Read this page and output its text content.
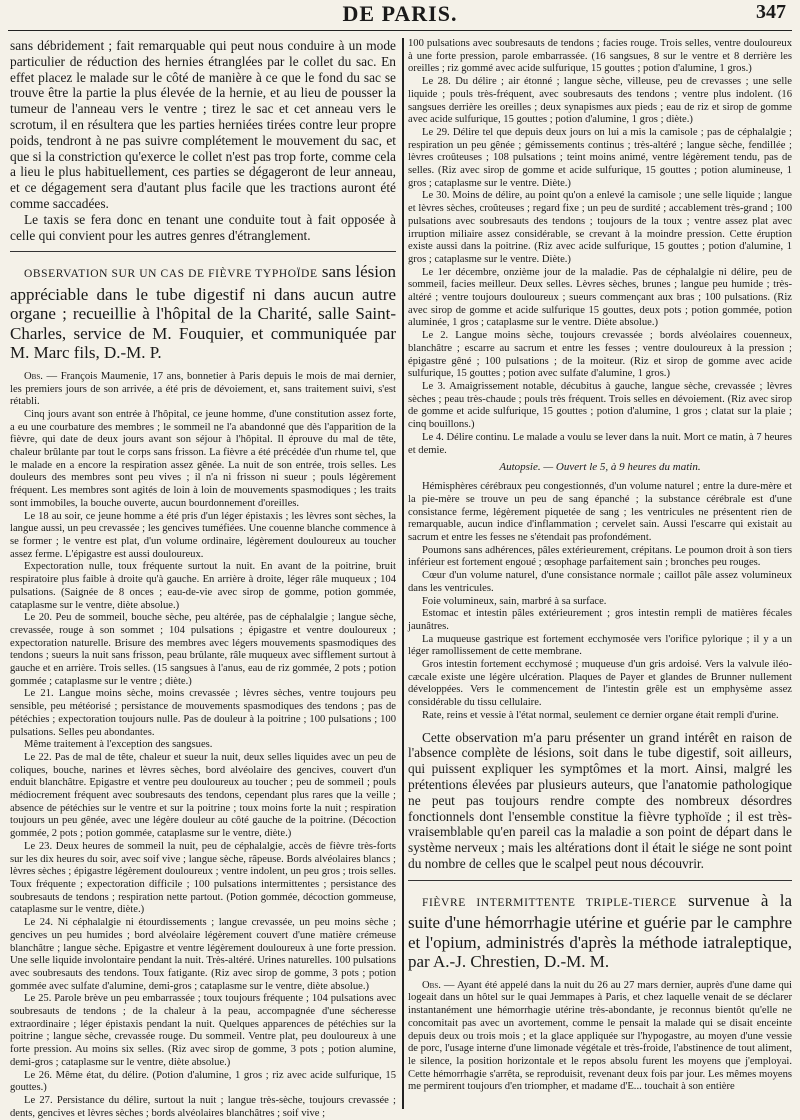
DE PARIS.	347

sans débridement ; fait remarquable qui peut nous conduire à un mode particulier de réduction des hernies étranglées par le collet du sac. En effet placez le malade sur le côté de manière à ce que le fond du sac se trouve être la partie la plus élevée de la hernie, et au lieu de pousser la tumeur de l'anneau vers le ventre ; tirez le sac et cet anneau vers le scrotum, il en résultera que les parties herniées tirées contre leur propre poids, tendront à ne pas suivre complétement le mouvement du sac, et que si la constriction qu'exerce le collet n'est pas trop forte, comme cela a lieu le plus habituellement, ces parties se dégageront de leur anneau, et ce dégagement sera d'autant plus facile que les tractions auront été comme saccadées.

Le taxis se fera donc en tenant une conduite tout à fait opposée à celle qui convient pour les autres genres d'étranglement.

OBSERVATION SUR UN CAS DE FIÈVRE TYPHOÏDE sans lésion appréciable dans le tube digestif ni dans aucun autre organe ; recueillie à l'hôpital de la Charité, salle Saint-Charles, service de M. Fouquier, et communiquée par M. Marc fils, D.-M. P.

Obs. — François Maumenie, 17 ans, bonnetier à Paris depuis le mois de mai dernier, les premiers jours de son arrivée, a été pris de dévoiement, et, sans traitement suivi, s'est rétabli.

Cinq jours avant son entrée à l'hôpital, ce jeune homme, d'une constitution assez forte, a eu une courbature des membres ; le sommeil ne l'a abandonné que dès l'apparition de la fièvre, qui date de deux jours avant son séjour à l'hôpital. Il éprouve du mal de tête, chaleur brûlante par tout le corps sans frisson. La fièvre a été précédée d'un rhume tel, que le malade en a encore la respiration assez gênée. La nuit de son entrée, trois selles. Les douleurs des membres sont peu vives ; il n'a ni frisson ni sueur ; pouls légèrement fréquent. Les membres sont agités de loin à loin de mouvements spasmodiques ; les traits sont immobiles, la bouche ouverte, aucun bourdonnement d'oreilles.

Le 18 au soir, ce jeune homme a été pris d'un léger épistaxis ; les lèvres sont sèches, la langue aussi, un peu crevassée ; les gencives tuméfiées. Une couenne blanche commence à se former ; le ventre est plat, d'un volume ordinaire, légèrement douloureux au toucher assez ferme. L'épigastre est aussi douloureux.

Expectoration nulle, toux fréquente surtout la nuit. En avant de la poitrine, bruit respiratoire plus faible à droite qu'à gauche. En arrière à droite, léger râle muqueux ; 104 pulsations. (Saignée de 8 onces ; eau-de-vie avec sirop de gomme, potion gommée, cataplasme sur le ventre, diète absolue.)

Le 20. Peu de sommeil, bouche sèche, peu altérée, pas de céphalalgie ; langue sèche, crevassée, rouge à son sommet ; 104 pulsations ; épigastre et ventre douloureux ; expectoration naturelle. Brisure des membres avec légers mouvements spasmodiques des tendons ; sueurs la nuit sans frisson, peau brûlante, râle muqueux avec sifflement surtout à gauche et en arrière. Trois selles. (15 sangsues à l'anus, eau de riz gommée, 2 pots ; potion gommée ; cataplasme sur le ventre ; diète.)

Le 21. Langue moins sèche, moins crevassée ; lèvres sèches, ventre toujours peu sensible, peu météorisé ; persistance de mouvements spasmodiques des tendons ; pas de pétéchies ; expectoration toujours nulle. Pas de douleur à la poitrine ; 100 pulsations ; 100 pulsations. Selles peu abondantes.

Même traitement à l'exception des sangsues.

Le 22. Pas de mal de tête, chaleur et sueur la nuit, deux selles liquides avec un peu de coliques, bouche, narines et lèvres sèches, bord alvéolaire des gencives, couvert d'un enduit blanchâtre. Epigastre et ventre peu douloureux au toucher ; peu de sommeil ; pouls médiocrement fréquent avec soubresauts des tendons, cependant plus rares que la veille ; absence de pétéchies sur le ventre et sur la poitrine ; toux moins forte la nuit ; respiration toujours un peu gênée, avec une légère douleur au côté gauche de la poitrine. (Décoction gommée, 2 pots ; potion gommée, cataplasme sur le ventre, diète.)

Le 23. Deux heures de sommeil la nuit, peu de céphalalgie, accès de fièvre très-forts sur les dix heures du soir, avec soif vive ; langue sèche, râpeuse. Bords alvéolaires blancs ; lèvres sèches ; épigastre légèrement douloureux ; ventre indolent, un peu gros ; trois selles. Toux fréquente ; expectoration difficile ; 100 pulsations intermittentes ; persistance des soubresauts de tendons ; respiration nette partout. (Potion gommée, décoction gommeuse, cataplasme sur le ventre, diète.)

Le 24. Ni céphalalgie ni étourdissements ; langue crevassée, un peu moins sèche ; gencives un peu humides ; bord alvéolaire légèrement couvert d'une matière crémeuse blanchâtre ; langue sèche. Epigastre et ventre légèrement douloureux à une forte pression. Une selle liquide involontaire pendant la nuit. Très-altéré. Urines naturelles. 100 pulsations avec soubresauts des tendons. Toux fatigante. (Riz avec sirop de gomme, 3 pots ; potion gommée avec sulfate d'alumine, demi-gros ; cataplasme sur le ventre, diète absolue.)

Le 25. Parole brève un peu embarrassée ; toux toujours fréquente ; 104 pulsations avec soubresauts de tendons ; de la chaleur à la peau, accompagnée d'une sécheresse extraordinaire ; léger épistaxis pendant la nuit. Quelques apparences de pétéchies sur la poitrine ; langue sèche, crevassée rouge. Du sommeil. Ventre plat, peu douloureux à une forte pression. Au moins six selles. (Riz avec sirop de gomme, 3 pots ; potion alumine, demi-gros ; cataplasme sur le ventre, diète absolue.)

Le 26. Même état, du délire. (Potion d'alumine, 1 gros ; riz avec acide sulfurique, 15 gouttes.)

Le 27. Persistance du délire, surtout la nuit ; langue très-sèche, toujours crevassée ; dents, gencives et lèvres sèches ; bords alvéolaires blanchâtres ; soif vive ;

100 pulsations avec soubresauts de tendons ; facies rouge. Trois selles, ventre douloureux à une forte pression, parole embarrassée. (16 sangsues, 8 sur le ventre et 8 derrière les oreilles ; riz gommé avec acide sulfurique, 15 gouttes ; potion d'alumine, 1 gros.)

Le 28. Du délire ; air étonné ; langue sèche, villeuse, peu de crevasses ; une selle liquide ; pouls très-fréquent, avec soubresauts des tendons ; ventre plus indolent. (16 sangsues derrière les oreilles ; deux synapismes aux pieds ; eau de riz et sirop de gomme avec acide sulfurique, 15 gouttes ; potion d'alumine, 1 gros ; diète.)

Le 29. Délire tel que depuis deux jours on lui a mis la camisole ; pas de céphalalgie ; respiration un peu gênée ; gémissements continus ; très-altéré ; langue sèche, fendillée ; lèvres croûteuses ; 108 pulsations ; teint moins animé, ventre légèrement tendu, pas de selles. (Riz avec sirop de gomme et acide sulfurique, 15 gouttes ; potion alumineuse, 1 gros ; cataplasme sur le ventre. Diète.)

Le 30. Moins de délire, au point qu'on a enlevé la camisole ; une selle liquide ; langue et lèvres sèches, croûteuses ; regard fixe ; un peu de surdité ; accablement très-grand ; 100 pulsations avec soubresauts des tendons ; toujours de la toux ; ventre assez plat avec irruption miliaire assez considérable, se crevant à la moindre pression. Cette éruption existe aussi dans la poitrine. (Riz avec acide sulfurique, 15 gouttes ; potion d'alumine, 1 gros ; cataplasme sur le ventre. Diète.)

Le 1er décembre, onzième jour de la maladie. Pas de céphalalgie ni délire, peu de sommeil, facies meilleur. Deux selles. Lèvres sèches, brunes ; langue peu humide ; très-altéré ; ventre toujours douloureux ; sueurs commençant aux bras ; 100 pulsations. (Riz avec sirop de gomme et acide sulfurique 15 gouttes, deux pots ; potion gommée, potion aluminée, 1 gros ; cataplasme sur le ventre. Diète absolue.)

Le 2. Langue moins sèche, toujours crevassée ; bords alvéolaires couenneux, blanchâtre ; escarre au sacrum et entre les fesses ; ventre douloureux à la pression ; épigastre gêné ; 100 pulsations ; de la moiteur. (Riz et sirop de gomme avec acide sulfurique, 15 gouttes ; potion avec sulfate d'alumine, 1 gros.)

Le 3. Amaigrissement notable, décubitus à gauche, langue sèche, crevassée ; lèvres sèches ; peau très-chaude ; pouls très fréquent. Trois selles en dévoiement. (Riz avec sirop de gomme et acide sulfurique, 15 gouttes ; potion d'alumine, 1 gros ; clatat sur la plaie ; cinq bouillons.)

Le 4. Délire continu. Le malade a voulu se lever dans la nuit. Mort ce matin, à 7 heures et demie.

Autopsie. — Ouvert le 5, à 9 heures du matin.

Hémisphères cérébraux peu congestionnés, d'un volume naturel ; entre la dure-mère et la pie-mère se trouve un peu de sang épanché ; la substance cérébrale est d'une consistance ferme, légèrement piquetée de sang ; les ventricules ne présentent rien de remarquable, aucun indice d'inflammation ; cervelet sain. Aussi l'escarre qui existait au sacrum et entre les fesses ne s'étendait pas profondément.

Poumons sans adhérences, pâles extérieurement, crépitans. Le poumon droit à son tiers inférieur est fortement engoué ; œsophage parfaitement sain ; bronches peu rouges.

Cœur d'un volume naturel, d'une consistance normale ; caillot pâle assez volumineux dans les ventricules.

Foie volumineux, sain, marbré à sa surface.

Estomac et intestin pâles extérieurement ; gros intestin rempli de matières fécales jaunâtres.

La muqueuse gastrique est fortement ecchymosée vers l'orifice pylorique ; il y a un léger ramollissement de cette membrane.

Gros intestin fortement ecchymosé ; muqueuse d'un gris ardoisé. Vers la valvule iléo-cæcale existe une légère ulcération. Plaques de Payer et glandes de Brunner nullement développées. Vers le commencement de l'intestin grêle est un emphysème assez considérable du tissu cellulaire.

Rate, reins et vessie à l'état normal, seulement ce dernier organe était rempli d'urine.

Cette observation m'a paru présenter un grand intérêt en raison de l'absence complète de lésions, soit dans le tube digestif, soit ailleurs, qui puissent expliquer les symptômes et la mort. Ainsi, malgré les prétentions élevées par plusieurs auteurs, que l'anatomie pathologique ne peut pas toujours rendre compte des nombreux désordres fonctionnels dont l'ensemble constitue la fièvre typhoïde ; il est très-vraisemblable qu'en pareil cas la maladie a son point de départ dans le système nerveux ; mais les altérations dont il était le siége ne sont point du nombre de celles que le scalpel peut nous découvrir.

FIÈVRE INTERMITTENTE TRIPLE-TIERCE survenue à la suite d'une hémorrhagie utérine et guérie par le camphre et l'opium, administrés d'après la méthode iatraleptique, par A.-J. Chrestien, D.-M. M.

Obs. — Ayant été appelé dans la nuit du 26 au 27 mars dernier, auprès d'une dame qui logeait dans un hôtel sur le quai Jemmapes à Paris, et chez laquelle venait de se déclarer instantanément une hémorrhagie utérine très-abondante, je reconnus bientôt qu'elle ne concomitait pas avec un avortement, comme le pensait la malade qui se disait enceinte depuis deux ou trois mois ; et la glace appliquée sur l'hypogastre, au moyen d'une vessie de porc, l'usage interne d'une limonade végétale et très-froide, l'abstinence de tout aliment, le silence, la position horizontale et le repos absolu furent les moyens que j'employai. Cette hémorrhagie s'arrêta, se reproduisit, revenant deux fois par jour. Les mêmes moyens me permirent toujours d'en triompher, et madame d'E... touchait à son entière
